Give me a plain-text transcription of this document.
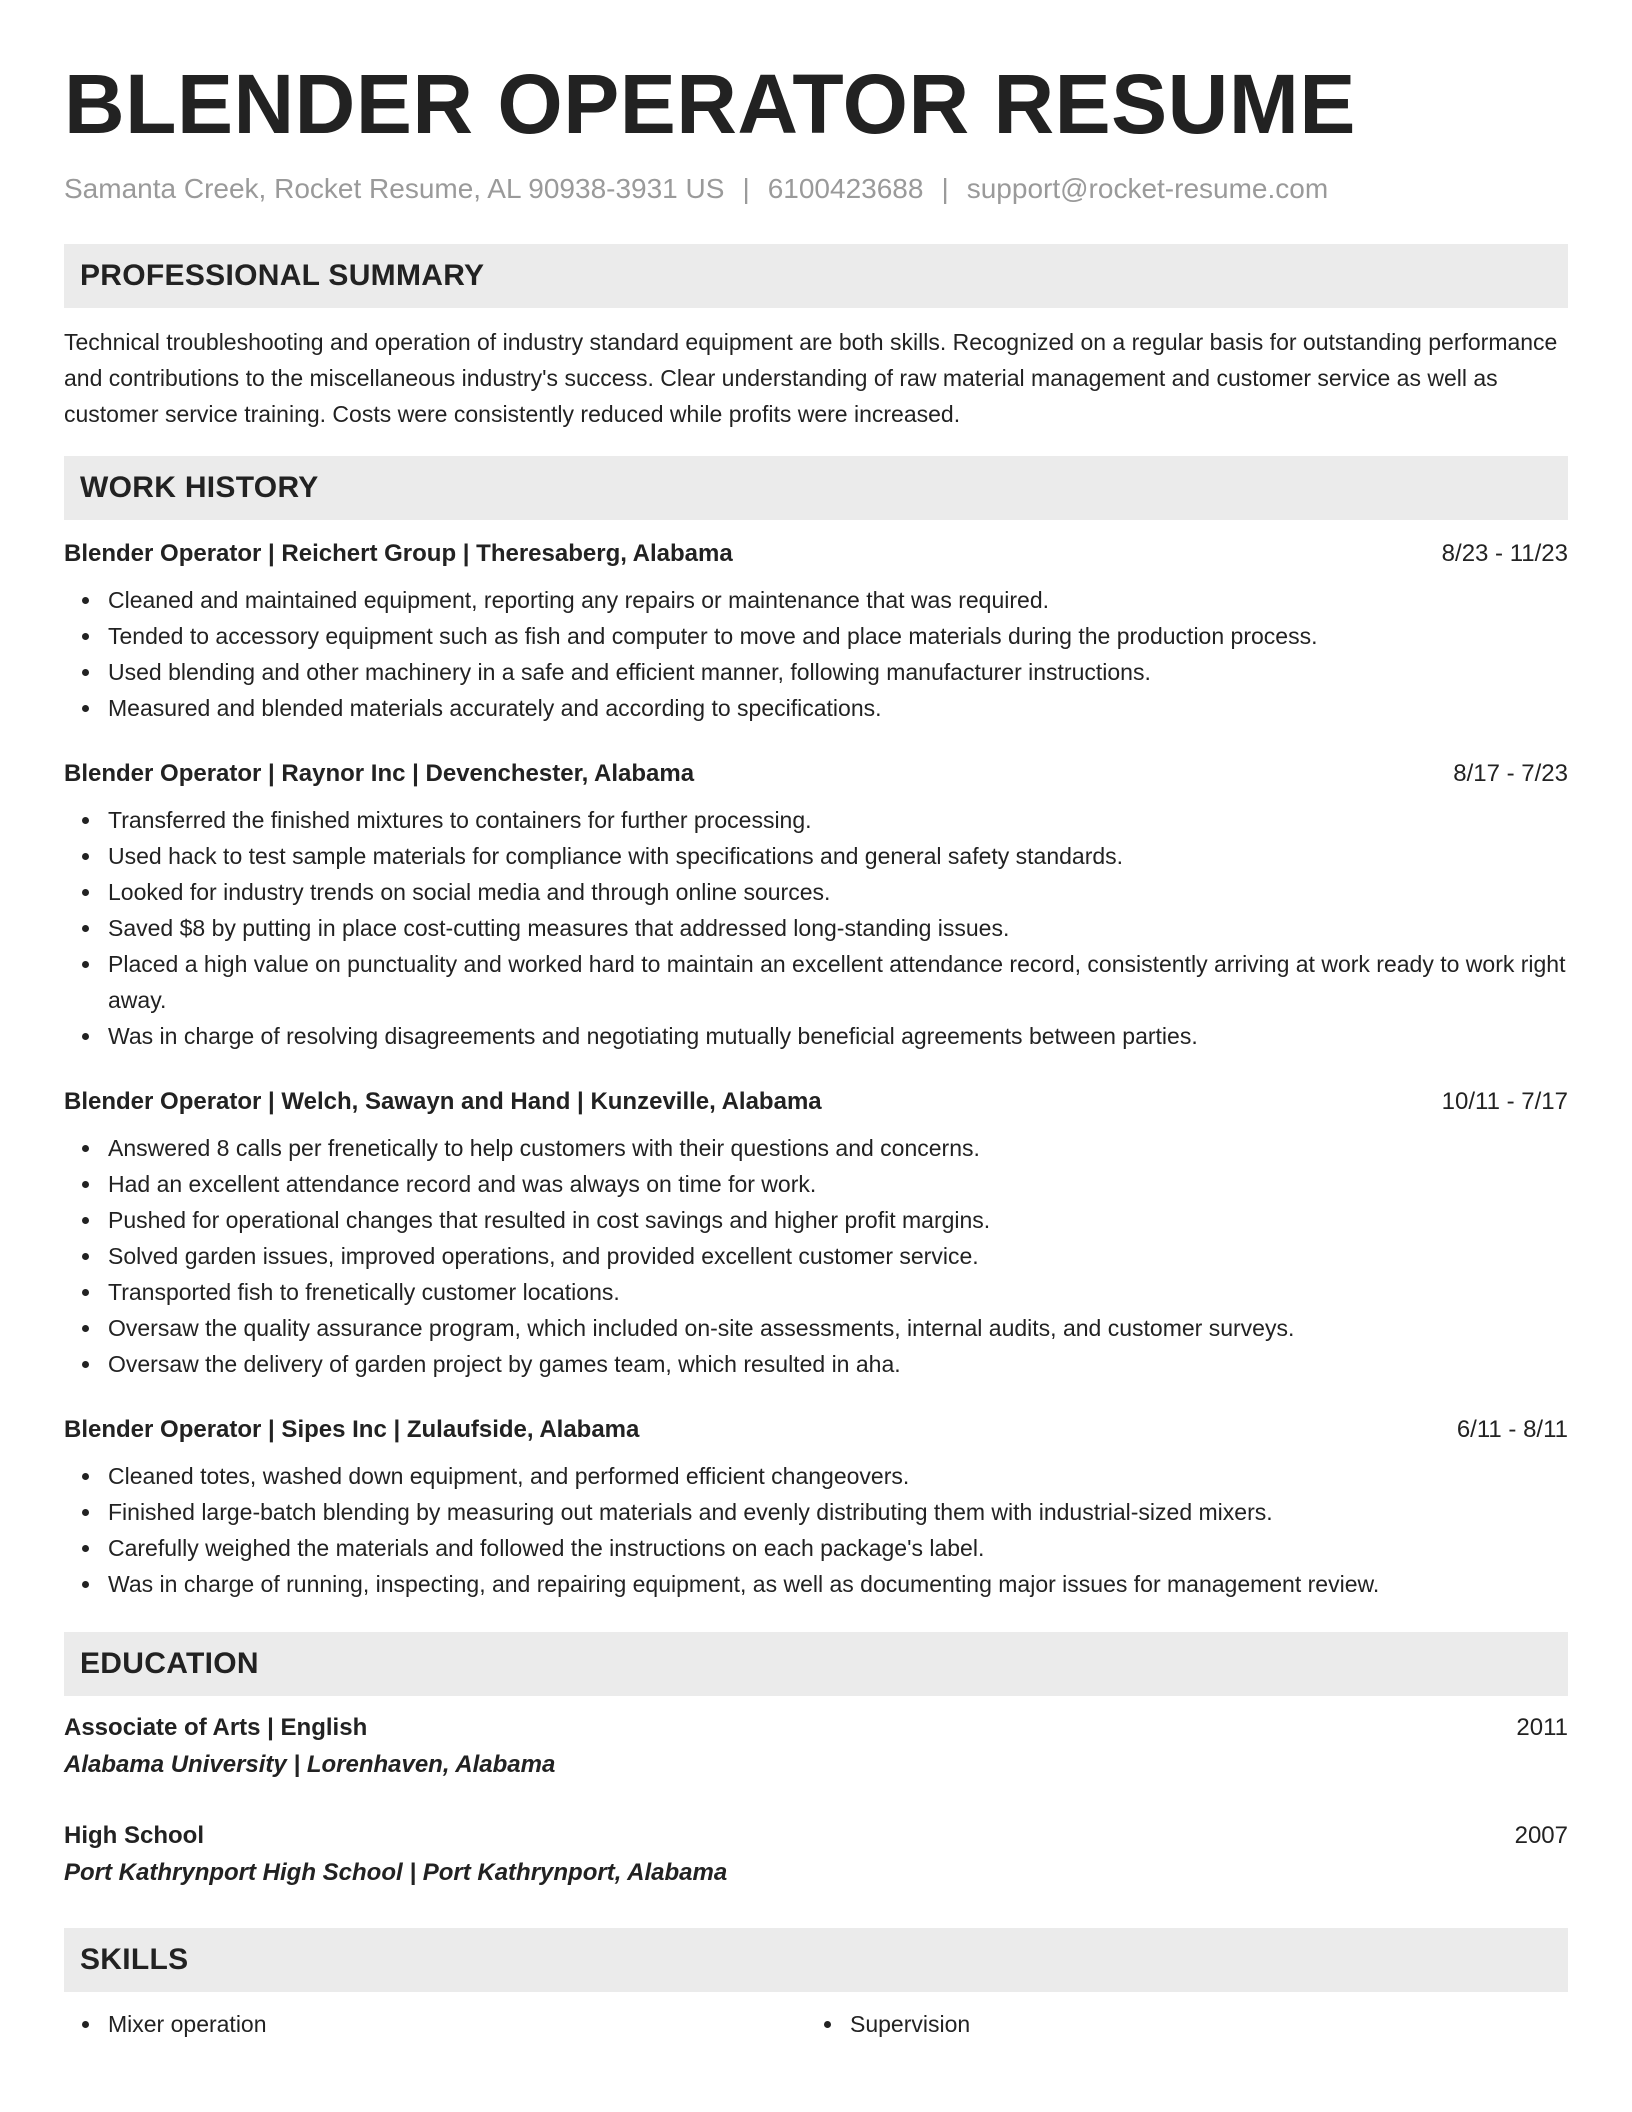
BLENDER OPERATOR RESUME
Samanta Creek, Rocket Resume, AL 90938-3931 US | 6100423688 | support@rocket-resume.com
PROFESSIONAL SUMMARY

Technical troubleshooting and operation of industry standard equipment are both skills. Recognized on a regular basis for outstanding performance and contributions to the miscellaneous industry's success. Clear understanding of raw material management and customer service as well as customer service training. Costs were consistently reduced while profits were increased.

WORK HISTORY
Blender Operator | Reichert Group | Theresaberg, Alabama	8/23 - 11/23
Cleaned and maintained equipment, reporting any repairs or maintenance that was required.
Tended to accessory equipment such as fish and computer to move and place materials during the production process.
Used blending and other machinery in a safe and efficient manner, following manufacturer instructions.
Measured and blended materials accurately and according to specifications.
Blender Operator | Raynor Inc | Devenchester, Alabama	8/17 - 7/23
Transferred the finished mixtures to containers for further processing.
Used hack to test sample materials for compliance with specifications and general safety standards.
Looked for industry trends on social media and through online sources.
Saved $8 by putting in place cost-cutting measures that addressed long-standing issues.
Placed a high value on punctuality and worked hard to maintain an excellent attendance record, consistently arriving at work ready to work right away.
Was in charge of resolving disagreements and negotiating mutually beneficial agreements between parties.
Blender Operator | Welch, Sawayn and Hand | Kunzeville, Alabama	10/11 - 7/17
Answered 8 calls per frenetically to help customers with their questions and concerns.
Had an excellent attendance record and was always on time for work.
Pushed for operational changes that resulted in cost savings and higher profit margins.
Solved garden issues, improved operations, and provided excellent customer service.
Transported fish to frenetically customer locations.
Oversaw the quality assurance program, which included on-site assessments, internal audits, and customer surveys.
Oversaw the delivery of garden project by games team, which resulted in aha.
Blender Operator | Sipes Inc | Zulaufside, Alabama	6/11 - 8/11
Cleaned totes, washed down equipment, and performed efficient changeovers.
Finished large-batch blending by measuring out materials and evenly distributing them with industrial-sized mixers.
Carefully weighed the materials and followed the instructions on each package's label.
Was in charge of running, inspecting, and repairing equipment, as well as documenting major issues for management review.
EDUCATION
Associate of Arts | English	2011
Alabama University | Lorenhaven, Alabama
High School	2007
Port Kathrynport High School | Port Kathrynport, Alabama
SKILLS
Mixer operation	Supervision
